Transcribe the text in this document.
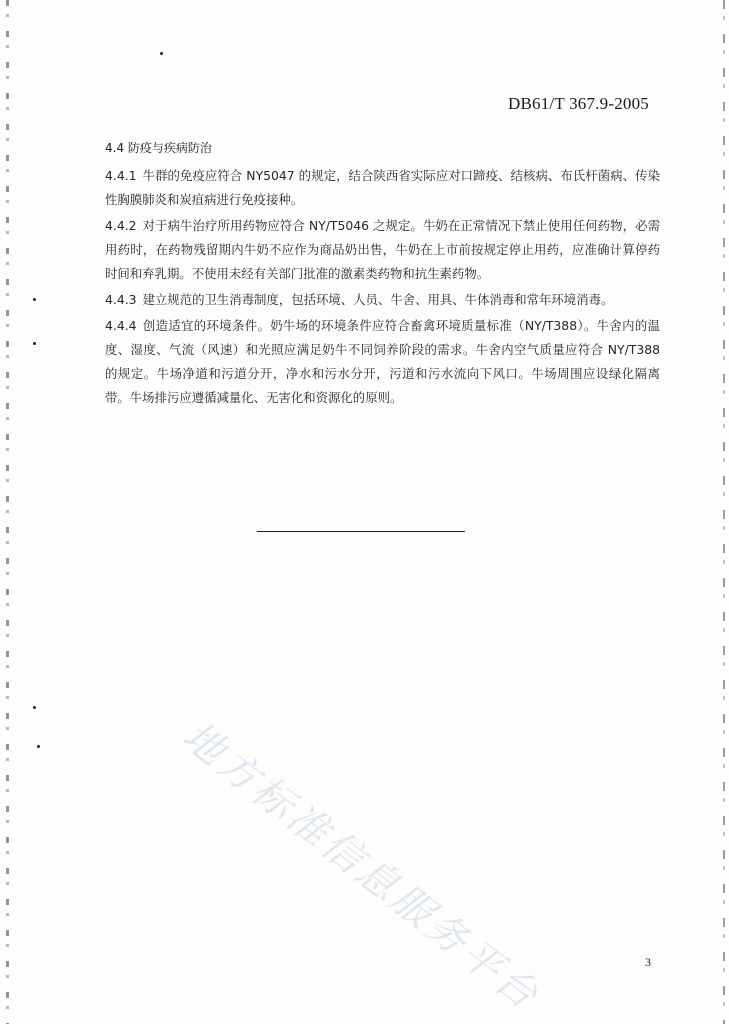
DB61/T 367.9-2005
4.4 防疫与疾病防治

4.4.1 牛群的免疫应符合 NY5047 的规定，结合陕西省实际应对口蹄疫、结核病、布氏杆菌病、传染性胸膜肺炎和炭疽病进行免疫接种。

4.4.2 对于病牛治疗所用药物应符合 NY/T5046 之规定。牛奶在正常情况下禁止使用任何药物，必需用药时，在药物残留期内牛奶不应作为商品奶出售，牛奶在上市前按规定停止用药，应准确计算停药时间和弃乳期。不使用未经有关部门批准的激素类药物和抗生素药物。

4.4.3 建立规范的卫生消毒制度，包括环境、人员、牛舍、用具、牛体消毒和常年环境消毒。

4.4.4 创造适宜的环境条件。奶牛场的环境条件应符合畜禽环境质量标准（NY/T388）。牛舍内的温度、湿度、气流（风速）和光照应满足奶牛不同饲养阶段的需求。牛舍内空气质量应符合 NY/T388 的规定。牛场净道和污道分开，净水和污水分开，污道和污水流向下风口。牛场周围应设绿化隔离带。牛场排污应遵循减量化、无害化和资源化的原则。

地方标准信息服务平台	3
